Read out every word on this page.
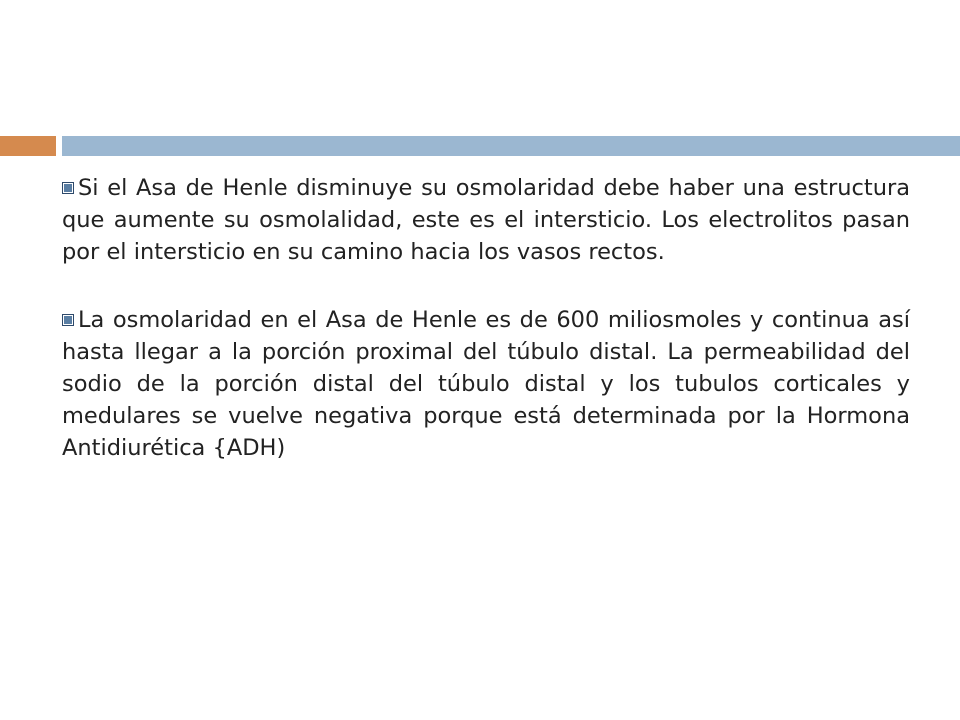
Si el Asa de Henle disminuye su osmolaridad debe haber una estructura que aumente su osmolalidad, este es el intersticio. Los electrolitos pasan por el intersticio en su camino hacia los vasos rectos.

La osmolaridad en el Asa de Henle es de 600 miliosmoles y continua así hasta llegar a la porción proximal del túbulo distal. La permeabilidad del sodio de la porción distal del túbulo distal y los tubulos corticales y medulares se vuelve negativa porque está determinada por la Hormona Antidiurética {ADH)
